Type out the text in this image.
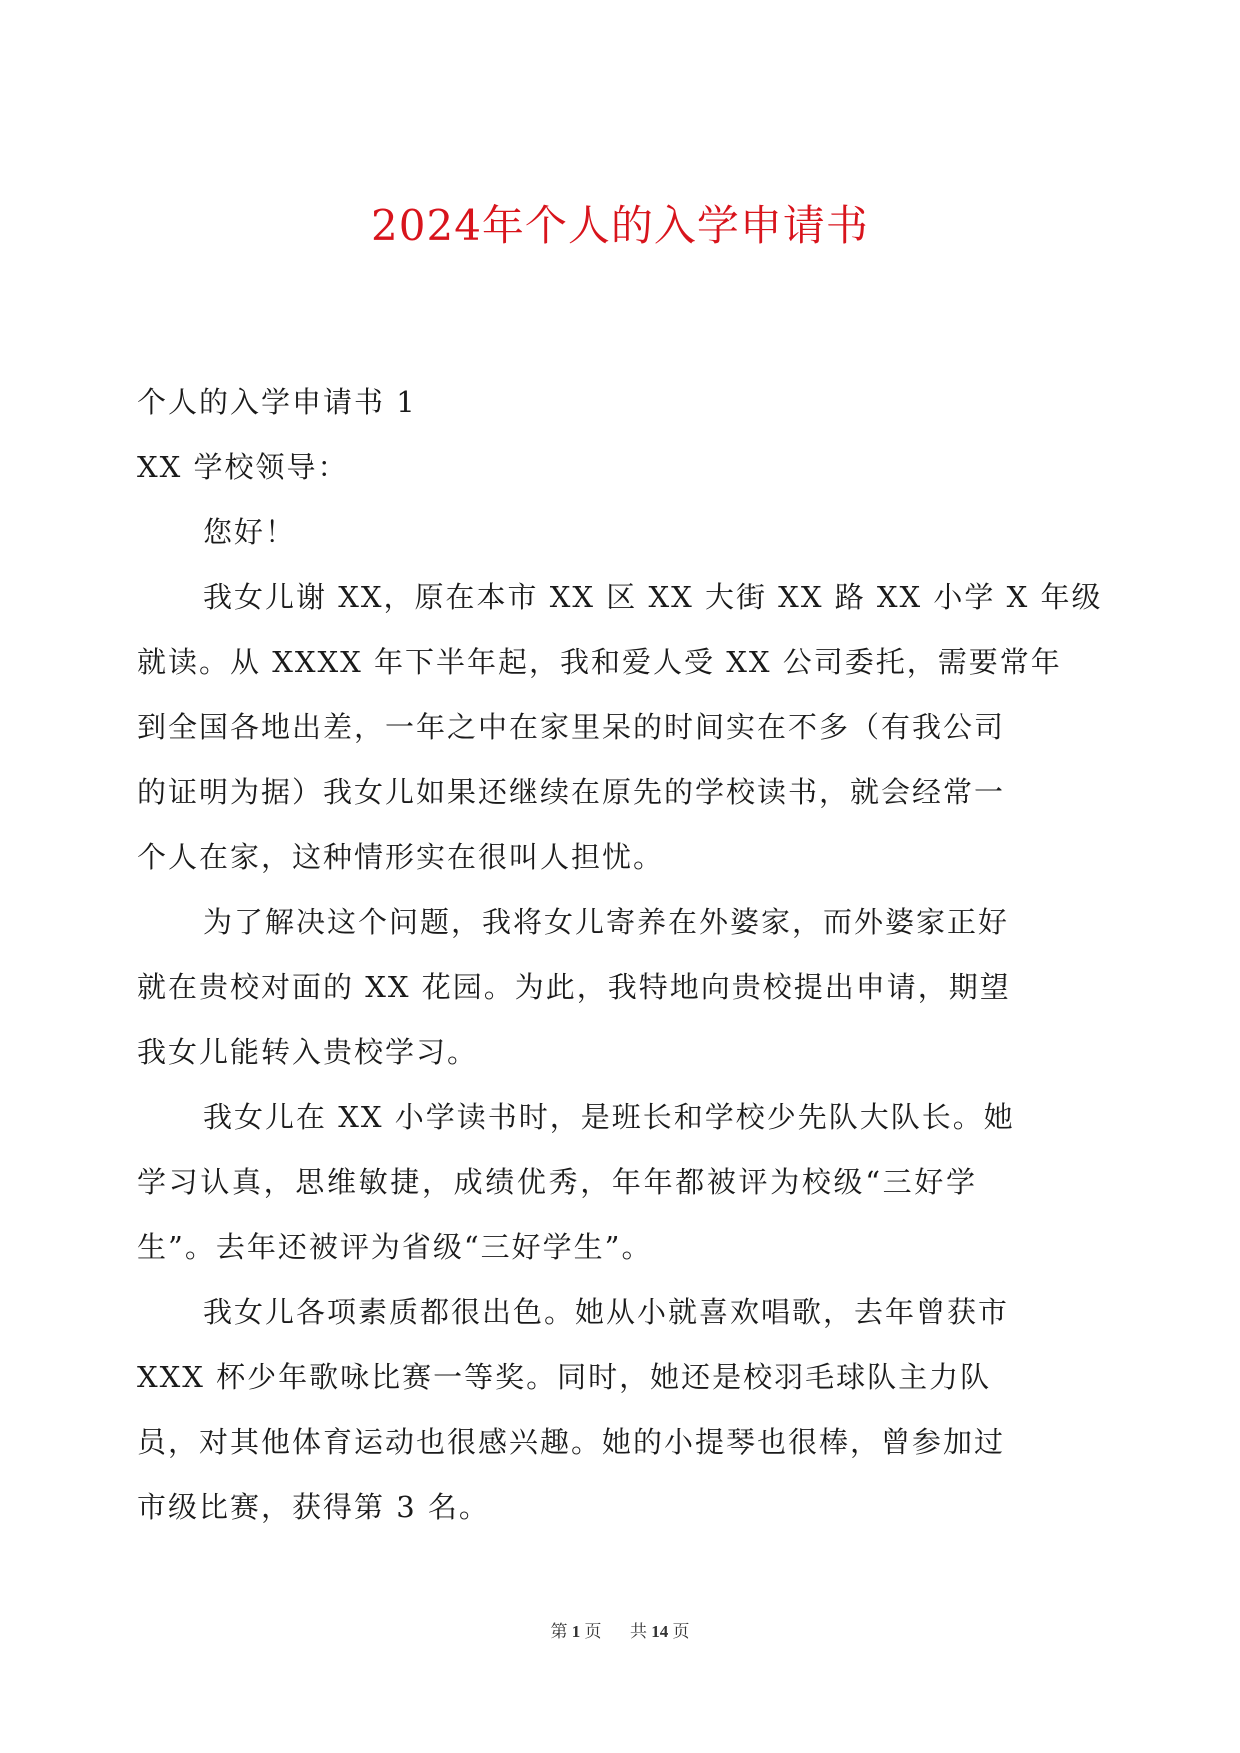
2024年个人的入学申请书
个人的入学申请书 1
XX 学校领导：
您好！
我女儿谢 XX，原在本市 XX 区 XX 大街 XX 路 XX 小学 X 年级
就读。从 XXXX 年下半年起，我和爱人受 XX 公司委托，需要常年
到全国各地出差，一年之中在家里呆的时间实在不多（有我公司
的证明为据）我女儿如果还继续在原先的学校读书，就会经常一
个人在家，这种情形实在很叫人担忧。
为了解决这个问题，我将女儿寄养在外婆家，而外婆家正好
就在贵校对面的 XX 花园。为此，我特地向贵校提出申请，期望
我女儿能转入贵校学习。
我女儿在 XX 小学读书时，是班长和学校少先队大队长。她
学习认真，思维敏捷，成绩优秀，年年都被评为校级“三好学
生”。去年还被评为省级“三好学生”。
我女儿各项素质都很出色。她从小就喜欢唱歌，去年曾获市
XXX 杯少年歌咏比赛一等奖。同时，她还是校羽毛球队主力队
员，对其他体育运动也很感兴趣。她的小提琴也很棒，曾参加过
市级比赛，获得第 3 名。
第 1 页 共 14 页
